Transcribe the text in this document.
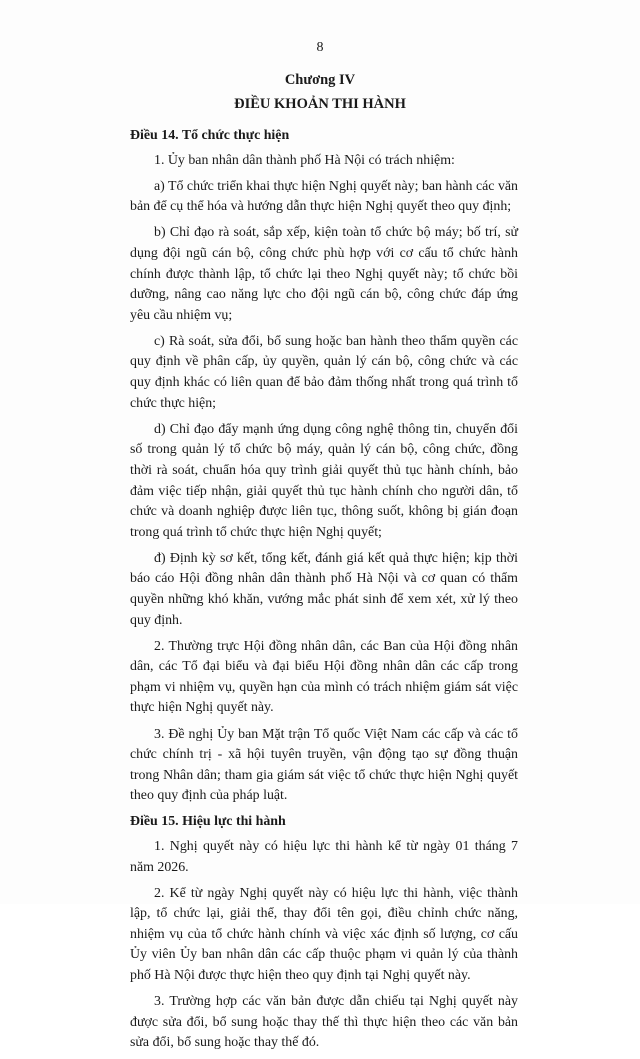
8
Chương IV
ĐIỀU KHOẢN THI HÀNH
Điều 14. Tổ chức thực hiện

1. Ủy ban nhân dân thành phố Hà Nội có trách nhiệm:

a) Tổ chức triển khai thực hiện Nghị quyết này; ban hành các văn bản để cụ thể hóa và hướng dẫn thực hiện Nghị quyết theo quy định;

b) Chỉ đạo rà soát, sắp xếp, kiện toàn tổ chức bộ máy; bố trí, sử dụng đội ngũ cán bộ, công chức phù hợp với cơ cấu tổ chức hành chính được thành lập, tổ chức lại theo Nghị quyết này; tổ chức bồi dưỡng, nâng cao năng lực cho đội ngũ cán bộ, công chức đáp ứng yêu cầu nhiệm vụ;

c) Rà soát, sửa đổi, bổ sung hoặc ban hành theo thẩm quyền các quy định về phân cấp, ủy quyền, quản lý cán bộ, công chức và các quy định khác có liên quan để bảo đảm thống nhất trong quá trình tổ chức thực hiện;

d) Chỉ đạo đẩy mạnh ứng dụng công nghệ thông tin, chuyển đổi số trong quản lý tổ chức bộ máy, quản lý cán bộ, công chức, đồng thời rà soát, chuẩn hóa quy trình giải quyết thủ tục hành chính, bảo đảm việc tiếp nhận, giải quyết thủ tục hành chính cho người dân, tổ chức và doanh nghiệp được liên tục, thông suốt, không bị gián đoạn trong quá trình tổ chức thực hiện Nghị quyết;

đ) Định kỳ sơ kết, tổng kết, đánh giá kết quả thực hiện; kịp thời báo cáo Hội đồng nhân dân thành phố Hà Nội và cơ quan có thẩm quyền những khó khăn, vướng mắc phát sinh để xem xét, xử lý theo quy định.

2. Thường trực Hội đồng nhân dân, các Ban của Hội đồng nhân dân, các Tổ đại biểu và đại biểu Hội đồng nhân dân các cấp trong phạm vi nhiệm vụ, quyền hạn của mình có trách nhiệm giám sát việc thực hiện Nghị quyết này.

3. Đề nghị Ủy ban Mặt trận Tổ quốc Việt Nam các cấp và các tổ chức chính trị - xã hội tuyên truyền, vận động tạo sự đồng thuận trong Nhân dân; tham gia giám sát việc tổ chức thực hiện Nghị quyết theo quy định của pháp luật.

Điều 15. Hiệu lực thi hành

1. Nghị quyết này có hiệu lực thi hành kể từ ngày 01 tháng 7 năm 2026.

2. Kể từ ngày Nghị quyết này có hiệu lực thi hành, việc thành lập, tổ chức lại, giải thể, thay đổi tên gọi, điều chỉnh chức năng, nhiệm vụ của tổ chức hành chính và việc xác định số lượng, cơ cấu Ủy viên Ủy ban nhân dân các cấp thuộc phạm vi quản lý của thành phố Hà Nội được thực hiện theo quy định tại Nghị quyết này.

3. Trường hợp các văn bản được dẫn chiếu tại Nghị quyết này được sửa đổi, bổ sung hoặc thay thế thì thực hiện theo các văn bản sửa đổi, bổ sung hoặc thay thế đó.
